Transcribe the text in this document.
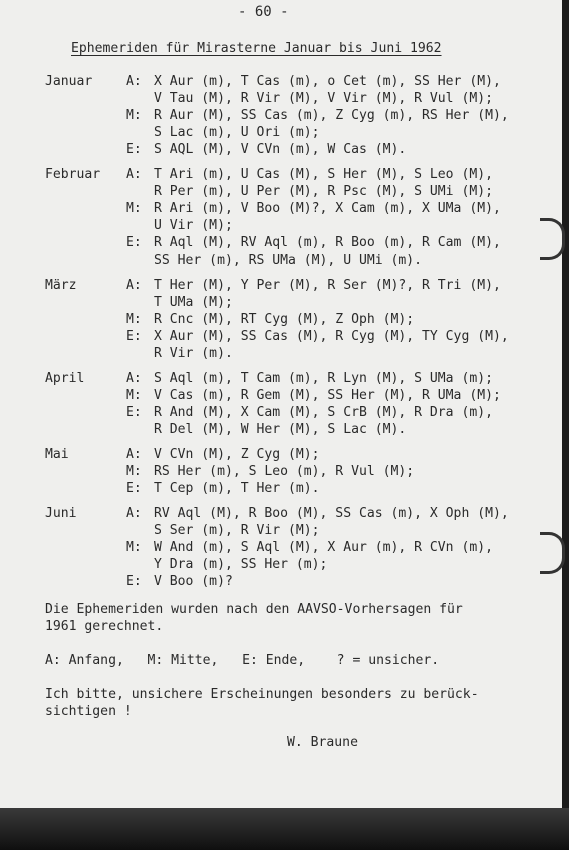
- 60 -
Ephemeriden für Mirasterne Januar bis Juni 1962
Die Ephemeriden wurden nach den AAVSO-Vorhersagen für
1961 gerechnet.
A: Anfang,   M: Mitte,   E: Ende,    ? = unsicher.
Ich bitte, unsichere Erscheinungen besonders zu berück-
sichtigen !
W. Braune
Januar	A: X Aur (m), T Cas (m), o Cet (m), SS Her (M),
V Tau (M), R Vir (M), V Vir (M), R Vul (M);
M: R Aur (M), SS Cas (m), Z Cyg (m), RS Her (M),
S Lac (m), U Ori (m);
E: S AQL (M), V CVn (m), W Cas (M).
Februar A: T Ari (m), U Cas (M), S Her (M), S Leo (M),
R Per (m), U Per (M), R Psc (M), S UMi (M);
M: R Ari (m), V Boo (M)?, X Cam (m), X UMa (M),
U Vir (M);
E: R Aql (M), RV Aql (m), R Boo (m), R Cam (M),
SS Her (m), RS UMa (M), U UMi (m).
März	A: T Her (M), Y Per (M), R Ser (M)?, R Tri (M),
T UMa (M);
M: R Cnc (M), RT Cyg (M), Z Oph (M);
E: X Aur (M), SS Cas (M), R Cyg (M), TY Cyg (M),
R Vir (m).
April	A: S Aql (m), T Cam (m), R Lyn (M), S UMa (m);
M: V Cas (m), R Gem (M), SS Her (M), R UMa (M);
E: R And (M), X Cam (M), S CrB (M), R Dra (m),
R Del (M), W Her (M), S Lac (M).
Mai	A: V CVn (M), Z Cyg (M);
M: RS Her (m), S Leo (m), R Vul (M);
E: T Cep (m), T Her (m).
Juni	A: RV Aql (M), R Boo (M), SS Cas (m), X Oph (M),
S Ser (m), R Vir (M);
M: W And (m), S Aql (M), X Aur (m), R CVn (m),
Y Dra (m), SS Her (m);
E: V Boo (m)?
